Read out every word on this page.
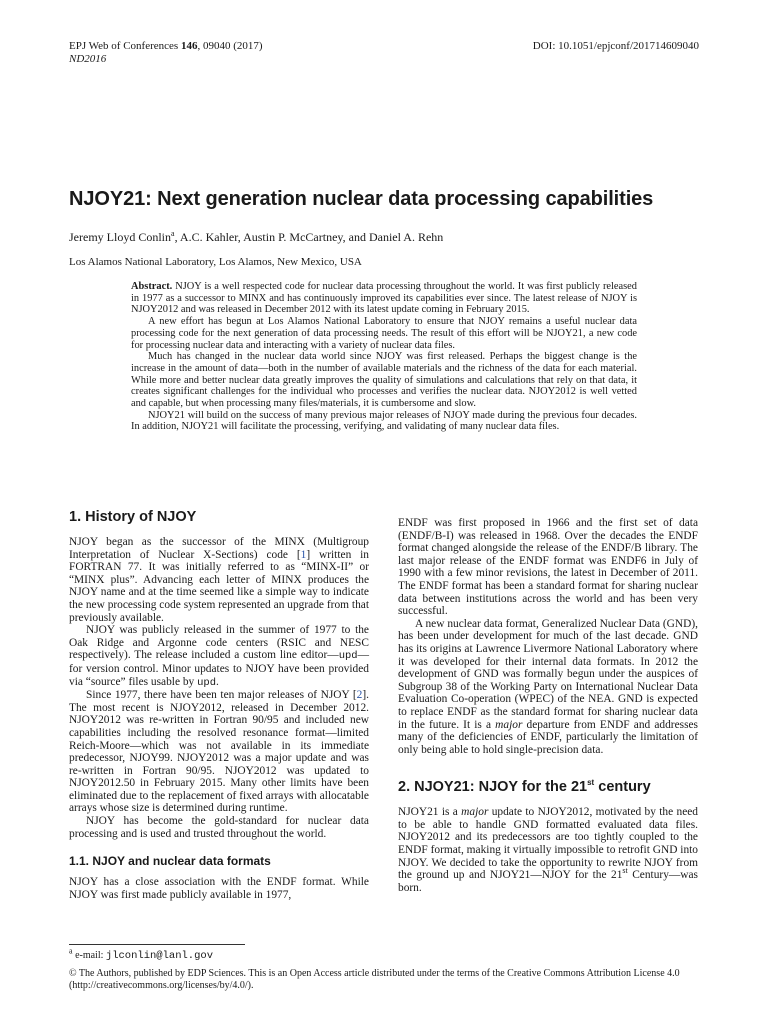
EPJ Web of Conferences 146, 09040 (2017)
ND2016
DOI: 10.1051/epjconf/201714609040
NJOY21: Next generation nuclear data processing capabilities
Jeremy Lloyd Conlin$^a$, A.C. Kahler, Austin P. McCartney, and Daniel A. Rehn
Los Alamos National Laboratory, Los Alamos, New Mexico, USA

Abstract. NJOY is a well respected code for nuclear data processing throughout the world. It was first publicly released in 1977 as a successor to MINX and has continuously improved its capabilities ever since. The latest release of NJOY is NJOY2012 and was released in December 2012 with its latest update coming in February 2015.

A new effort has begun at Los Alamos National Laboratory to ensure that NJOY remains a useful nuclear data processing code for the next generation of data processing needs. The result of this effort will be NJOY21, a new code for processing nuclear data and interacting with a variety of nuclear data files.

Much has changed in the nuclear data world since NJOY was first released. Perhaps the biggest change is the increase in the amount of data—both in the number of available materials and the richness of the data for each material. While more and better nuclear data greatly improves the quality of simulations and calculations that rely on that data, it creates significant challenges for the individual who processes and verifies the nuclear data. NJOY2012 is well vetted and capable, but when processing many files/materials, it is cumbersome and slow.

NJOY21 will build on the success of many previous major releases of NJOY made during the previous four decades. In addition, NJOY21 will facilitate the processing, verifying, and validating of many nuclear data files.

1. History of NJOY

NJOY began as the successor of the MINX (Multigroup Interpretation of Nuclear X-Sections) code [1] written in FORTRAN 77. It was initially referred to as “MINX-II” or “MINX plus”. Advancing each letter of MINX produces the NJOY name and at the time seemed like a simple way to indicate the new processing code system represented an upgrade from that previously available.

NJOY was publicly released in the summer of 1977 to the Oak Ridge and Argonne code centers (RSIC and NESC respectively). The release included a custom line editor—upd—for version control. Minor updates to NJOY have been provided via “source” files usable by upd.

Since 1977, there have been ten major releases of NJOY [2]. The most recent is NJOY2012, released in December 2012. NJOY2012 was re-written in Fortran 90/95 and included new capabilities including the resolved resonance format—limited Reich-Moore—which was not available in its immediate predecessor, NJOY99. NJOY2012 was a major update and was re-written in Fortran 90/95. NJOY2012 was updated to NJOY2012.50 in February 2015. Many other limits have been eliminated due to the replacement of fixed arrays with allocatable arrays whose size is determined during runtime.

NJOY has become the gold-standard for nuclear data processing and is used and trusted throughout the world.

1.1. NJOY and nuclear data formats

NJOY has a close association with the ENDF format. While NJOY was first made publicly available in 1977,

ENDF was first proposed in 1966 and the first set of data (ENDF/B-I) was released in 1968. Over the decades the ENDF format changed alongside the release of the ENDF/B library. The last major release of the ENDF format was ENDF6 in July of 1990 with a few minor revisions, the latest in December of 2011. The ENDF format has been a standard format for sharing nuclear data between institutions across the world and has been very successful.

A new nuclear data format, Generalized Nuclear Data (GND), has been under development for much of the last decade. GND has its origins at Lawrence Livermore National Laboratory where it was developed for their internal data formats. In 2012 the development of GND was formally begun under the auspices of Subgroup 38 of the Working Party on International Nuclear Data Evaluation Co-operation (WPEC) of the NEA. GND is expected to replace ENDF as the standard format for sharing nuclear data in the future. It is a major departure from ENDF and addresses many of the deficiencies of ENDF, particularly the limitation of only being able to hold single-precision data.

2. NJOY21: NJOY for the 21st century

NJOY21 is a major update to NJOY2012, motivated by the need to be able to handle GND formatted evaluated data files. NJOY2012 and its predecessors are too tightly coupled to the ENDF format, making it virtually impossible to retrofit GND into NJOY. We decided to take the opportunity to rewrite NJOY from the ground up and NJOY21—NJOY for the 21st Century—was born.

$^a$ e-mail: jlconlin@lanl.gov
© The Authors, published by EDP Sciences. This is an Open Access article distributed under the terms of the Creative Commons Attribution License 4.0 (http://creativecommons.org/licenses/by/4.0/).
